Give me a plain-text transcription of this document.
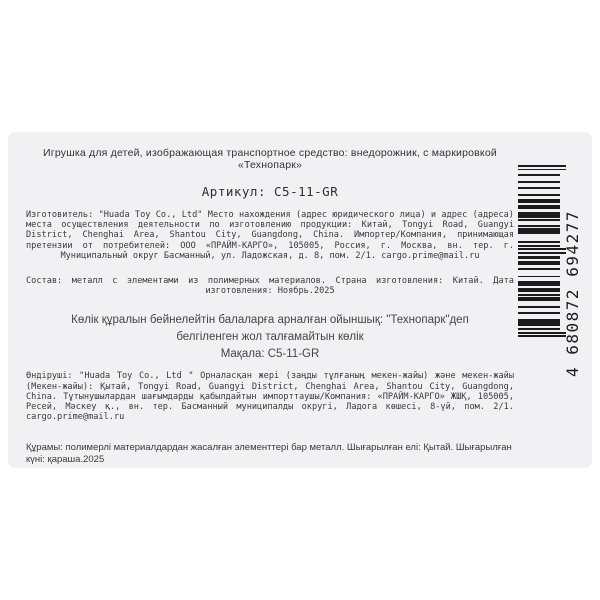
Игрушка для детей, изображающая транспортное средство: внедорожник, с маркировкой «Технопарк»
Артикул: C5-11-GR
Изготовитель: "Huada Toy Co., Ltd" Место нахождения (адрес юридического лица) и адрес (адреса) места осуществления деятельности по изготовлению продукции: Китай, Tongyi Road, Guangyi District, Chenghai Area, Shantou City, Guangdong, China. Импортер/Компания, принимающая претензии от потребителей: ООО «ПРАЙМ-КАРГО», 105005, Россия, г. Москва, вн. тер. г. Муниципальный округ Басманный, ул. Ладожская, д. 8, пом. 2/1. cargo.prime@mail.ru
Состав: металл с элементами из полимерных материалов. Страна изготовления: Китай. Дата изготовления: Ноябрь.2025
Көлік құралын бейнелейтін балаларға арналған ойыншық: "Технопарк"деп белгіленген жол талғамайтын көлік
Мақала: C5-11-GR
Өндіруші: "Huada Toy Co., Ltd " Орналасқан жері (заңды тұлғаның мекен-жайы) және мекен-жайы (Мекен-жайы): Қытай, Tongyi Road, Guangyi District, Chenghai Area, Shantou City, Guangdong, China. Тұтынушылардан шағымдарды қабылдайтын импорттаушы/Компания: «ПРАЙМ-КАРГО» ЖШҚ, 105005, Ресей, Мәскеу қ., вн. тер. Басманный муниципалды округі, Ладога көшесі, 8-үй, пом. 2/1. cargo.prime@mail.ru
Құрамы: полимерлі материалдардан жасалған элементтері бар металл. Шығарылған елі: Қытай. Шығарылған күні: қараша.2025
4 680872 694277
